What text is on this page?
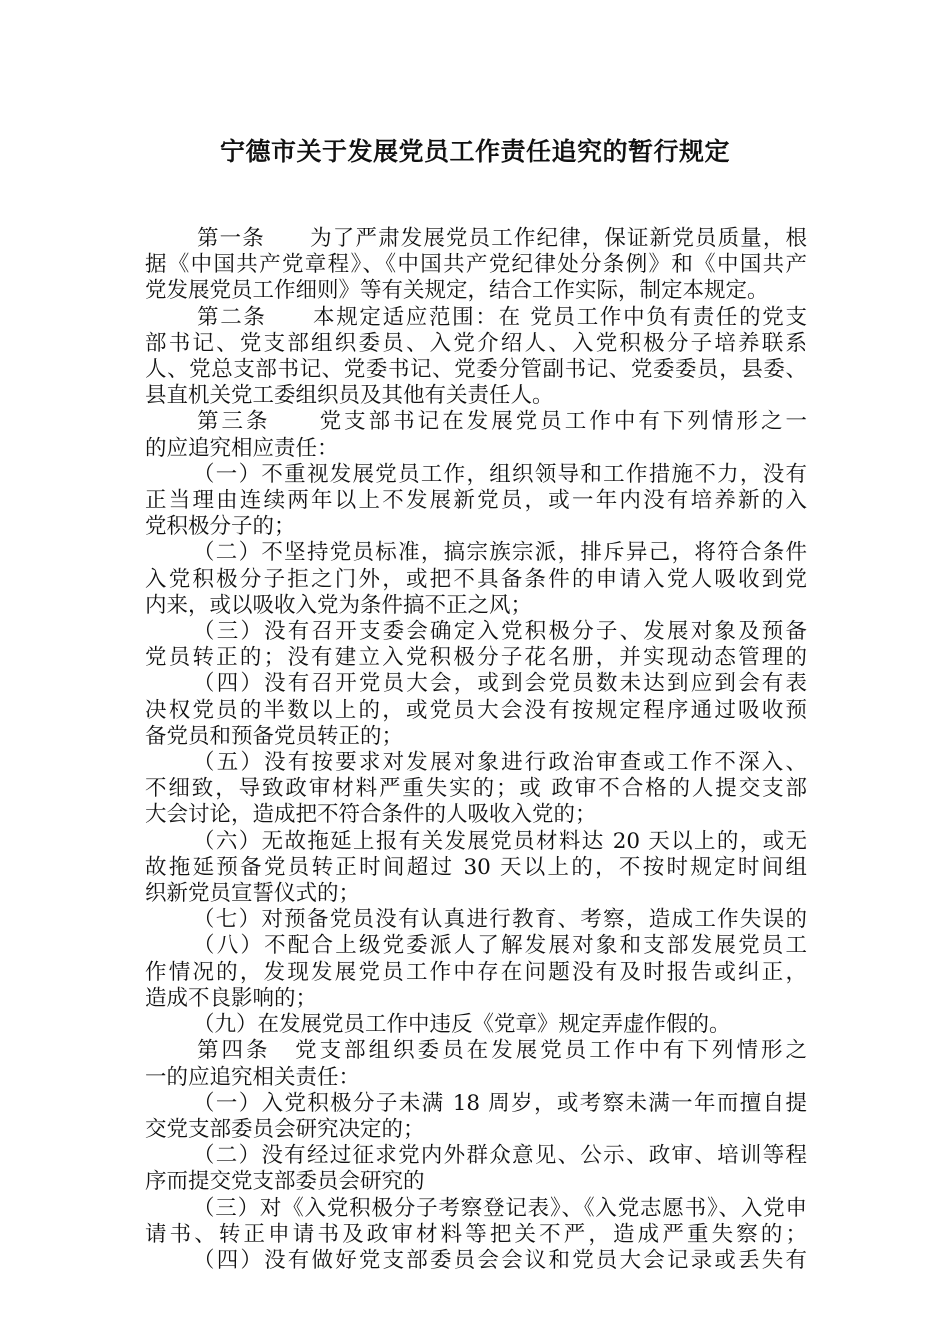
宁德市关于发展党员工作责任追究的暂行规定
第一条　　为了严肃发展党员工作纪律，保证新党员质量，根
据《中国共产党章程》、《中国共产党纪律处分条例》和《中国共产
党发展党员工作细则》等有关规定，结合工作实际，制定本规定。
第二条　　本规定适应范围：在 党员工作中负有责任的党支
部书记、党支部组织委员、入党介绍人、入党积极分子培养联系
人、党总支部书记、党委书记、党委分管副书记、党委委员，县委、
县直机关党工委组织员及其他有关责任人。
第三条　　党支部书记在发展党员工作中有下列情形之一
的应追究相应责任：
（一）不重视发展党员工作，组织领导和工作措施不力，没有
正当理由连续两年以上不发展新党员，或一年内没有培养新的入
党积极分子的；
（二）不坚持党员标准，搞宗族宗派，排斥异己，将符合条件
入党积极分子拒之门外，或把不具备条件的申请入党人吸收到党
内来，或以吸收入党为条件搞不正之风；
（三）没有召开支委会确定入党积极分子、发展对象及预备
党员转正的；没有建立入党积极分子花名册，并实现动态管理的
（四）没有召开党员大会，或到会党员数未达到应到会有表
决权党员的半数以上的，或党员大会没有按规定程序通过吸收预
备党员和预备党员转正的；
（五）没有按要求对发展对象进行政治审查或工作不深入、
不细致，导致政审材料严重失实的；或 政审不合格的人提交支部
大会讨论，造成把不符合条件的人吸收入党的；
（六）无故拖延上报有关发展党员材料达 20 天以上的，或无
故拖延预备党员转正时间超过 30 天以上的，不按时规定时间组
织新党员宣誓仪式的；
（七）对预备党员没有认真进行教育、考察，造成工作失误的
（八）不配合上级党委派人了解发展对象和支部发展党员工
作情况的，发现发展党员工作中存在问题没有及时报告或纠正，
造成不良影响的；
（九）在发展党员工作中违反《党章》规定弄虚作假的。
第四条　党支部组织委员在发展党员工作中有下列情形之
一的应追究相关责任：
（一）入党积极分子未满 18 周岁，或考察未满一年而擅自提
交党支部委员会研究决定的；
（二）没有经过征求党内外群众意见、公示、政审、培训等程
序而提交党支部委员会研究的
（三）对《入党积极分子考察登记表》、《入党志愿书》、入党申
请书、转正申请书及政审材料等把关不严，造成严重失察的；
（四）没有做好党支部委员会会议和党员大会记录或丢失有
